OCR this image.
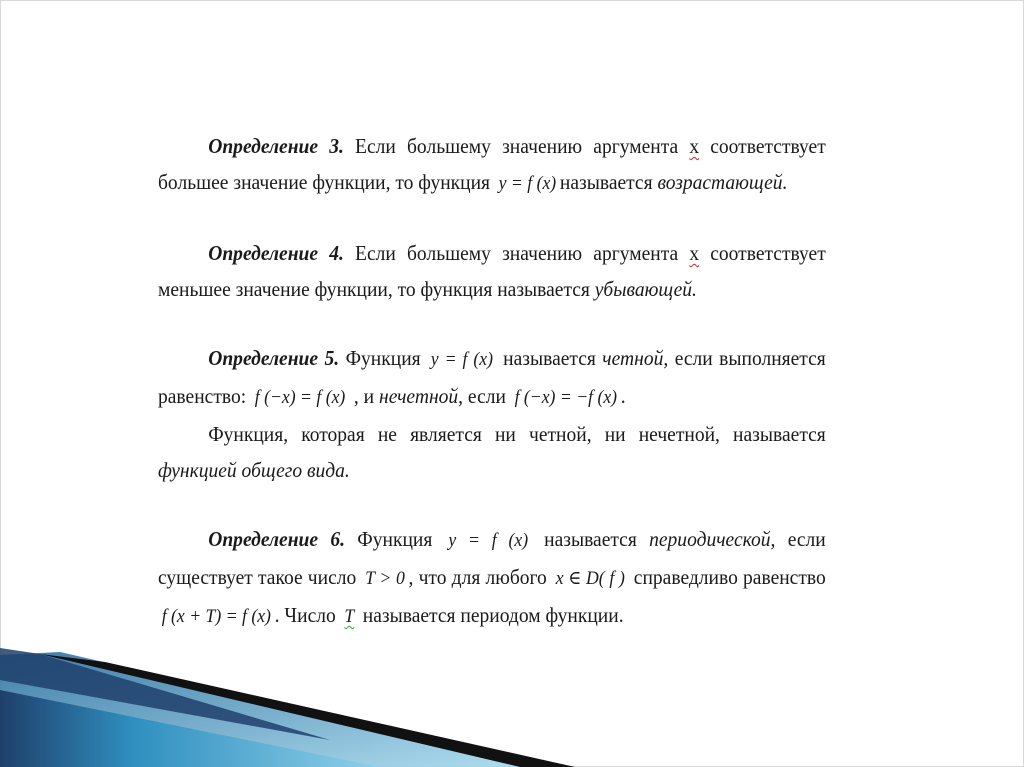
Определение 3. Если большему значению аргумента х соответствует большее значение функции, то функция y = f (x) называется возрастающей.

Определение 4. Если большему значению аргумента х соответствует меньшее значение функции, то функция называется убывающей.

Определение 5. Функция y = f (x) называется четной, если выполняется равенство: f (−x) = f (x) , и нечетной, если f (−x) = −f (x) .

Функция, которая не является ни четной, ни нечетной, называется функцией общего вида.

Определение 6. Функция y = f (x) называется периодической, если существует такое число T > 0 , что для любого x ∈ D( f ) справедливо равенство f (x + T) = f (x) . Число T называется периодом функции.
